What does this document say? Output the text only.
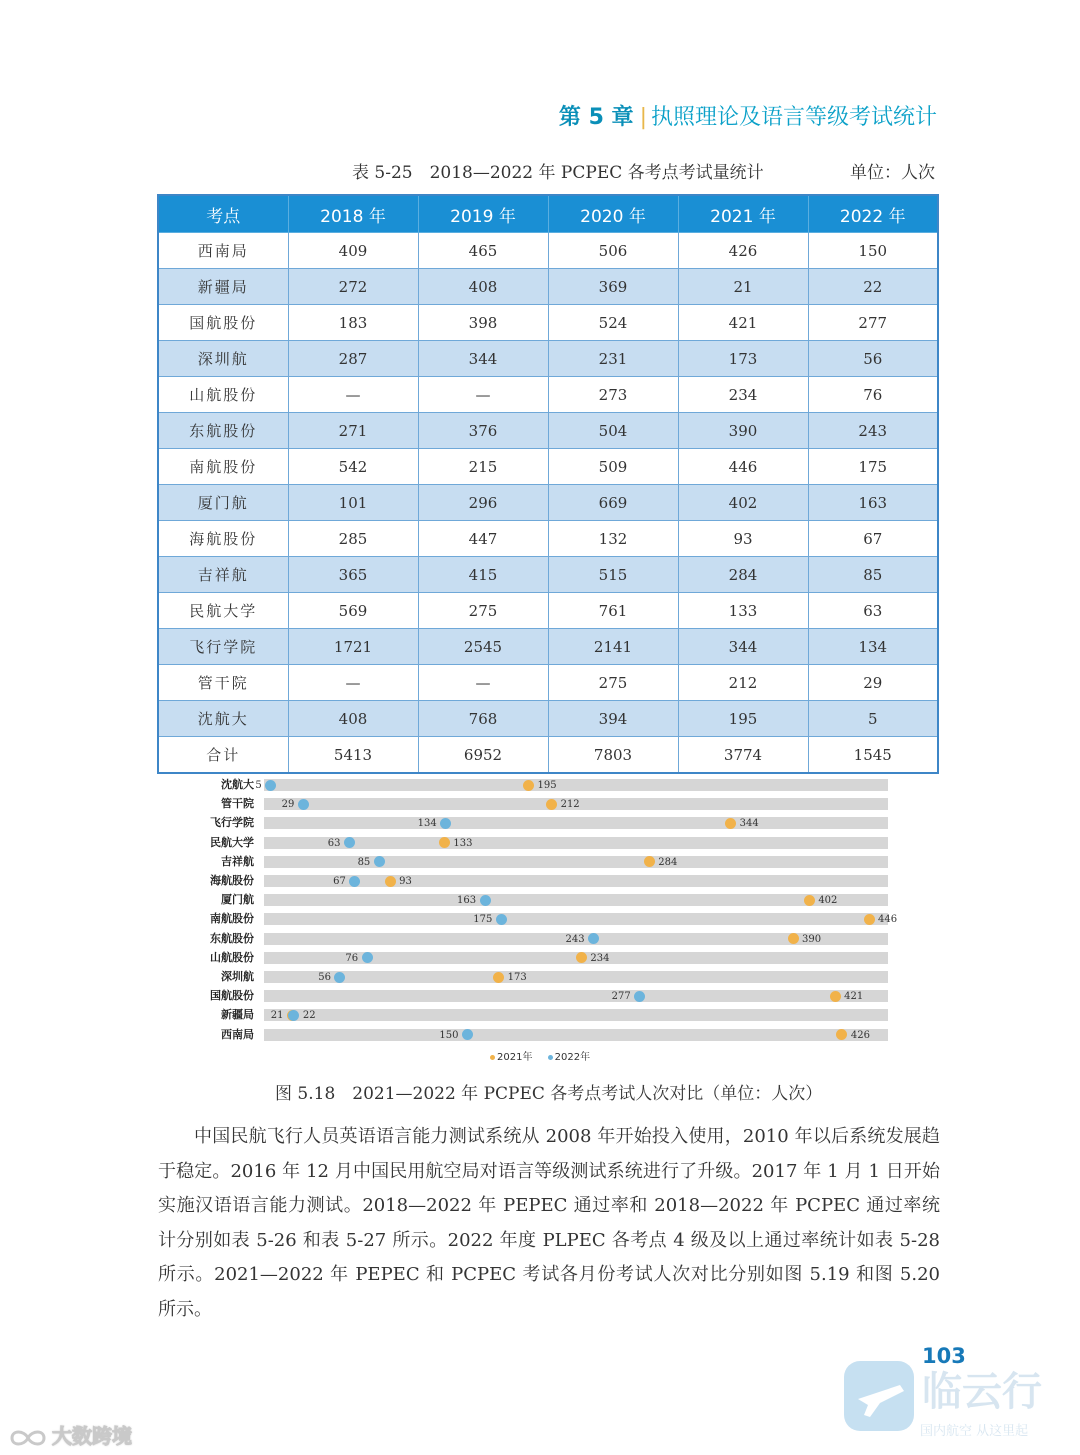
第 5 章 | 执照理论及语言等级考试统计
表 5-25　2018—2022 年 PCPEC 各考点考试量统计	单位：人次
考点	2018 年	2019 年	2020 年	2021 年	2022 年
西南局	409	465	506	426	150
新疆局	272	408	369	21	22
国航股份	183	398	524	421	277
深圳航	287	344	231	173	56
山航股份	—	—	273	234	76
东航股份	271	376	504	390	243
南航股份	542	215	509	446	175
厦门航	101	296	669	402	163
海航股份	285	447	132	93	67
吉祥航	365	415	515	284	85
民航大学	569	275	761	133	63
飞行学院	1721	2545	2141	344	134
管干院	—	—	275	212	29
沈航大	408	768	394	195	5
合计	5413	6952	7803	3774	1545
沈航大	195
5
管干院	212
29
飞行学院	344
134
民航大学	133
63
吉祥航	284
85
海航股份	93
67
厦门航	402
163
南航股份	446
175
东航股份	390
243
山航股份	234
76
深圳航	173
56
国航股份	421
277
新疆局 21 22
西南局	426
150
2021年 2022年
图 5.18　2021—2022 年 PCPEC 各考点考试人次对比（单位：人次）
中国民航飞行人员英语语言能力测试系统从 2008 年开始投入使用，2010 年以后系统发展趋于稳定。2016 年 12 月中国民用航空局对语言等级测试系统进行了升级。2017 年 1 月 1 日开始实施汉语语言能力测试。2018—2022 年 PEPEC 通过率和 2018—2022 年 PCPEC 通过率统计分别如表 5-26 和表 5-27 所示。2022 年度 PLPEC 各考点 4 级及以上通过率统计如表 5-28 所示。2021—2022 年 PEPEC 和 PCPEC 考试各月份考试人次对比分别如图 5.19 和图 5.20 所示。
103
临云行
国内航空 从这里起
大数跨境
